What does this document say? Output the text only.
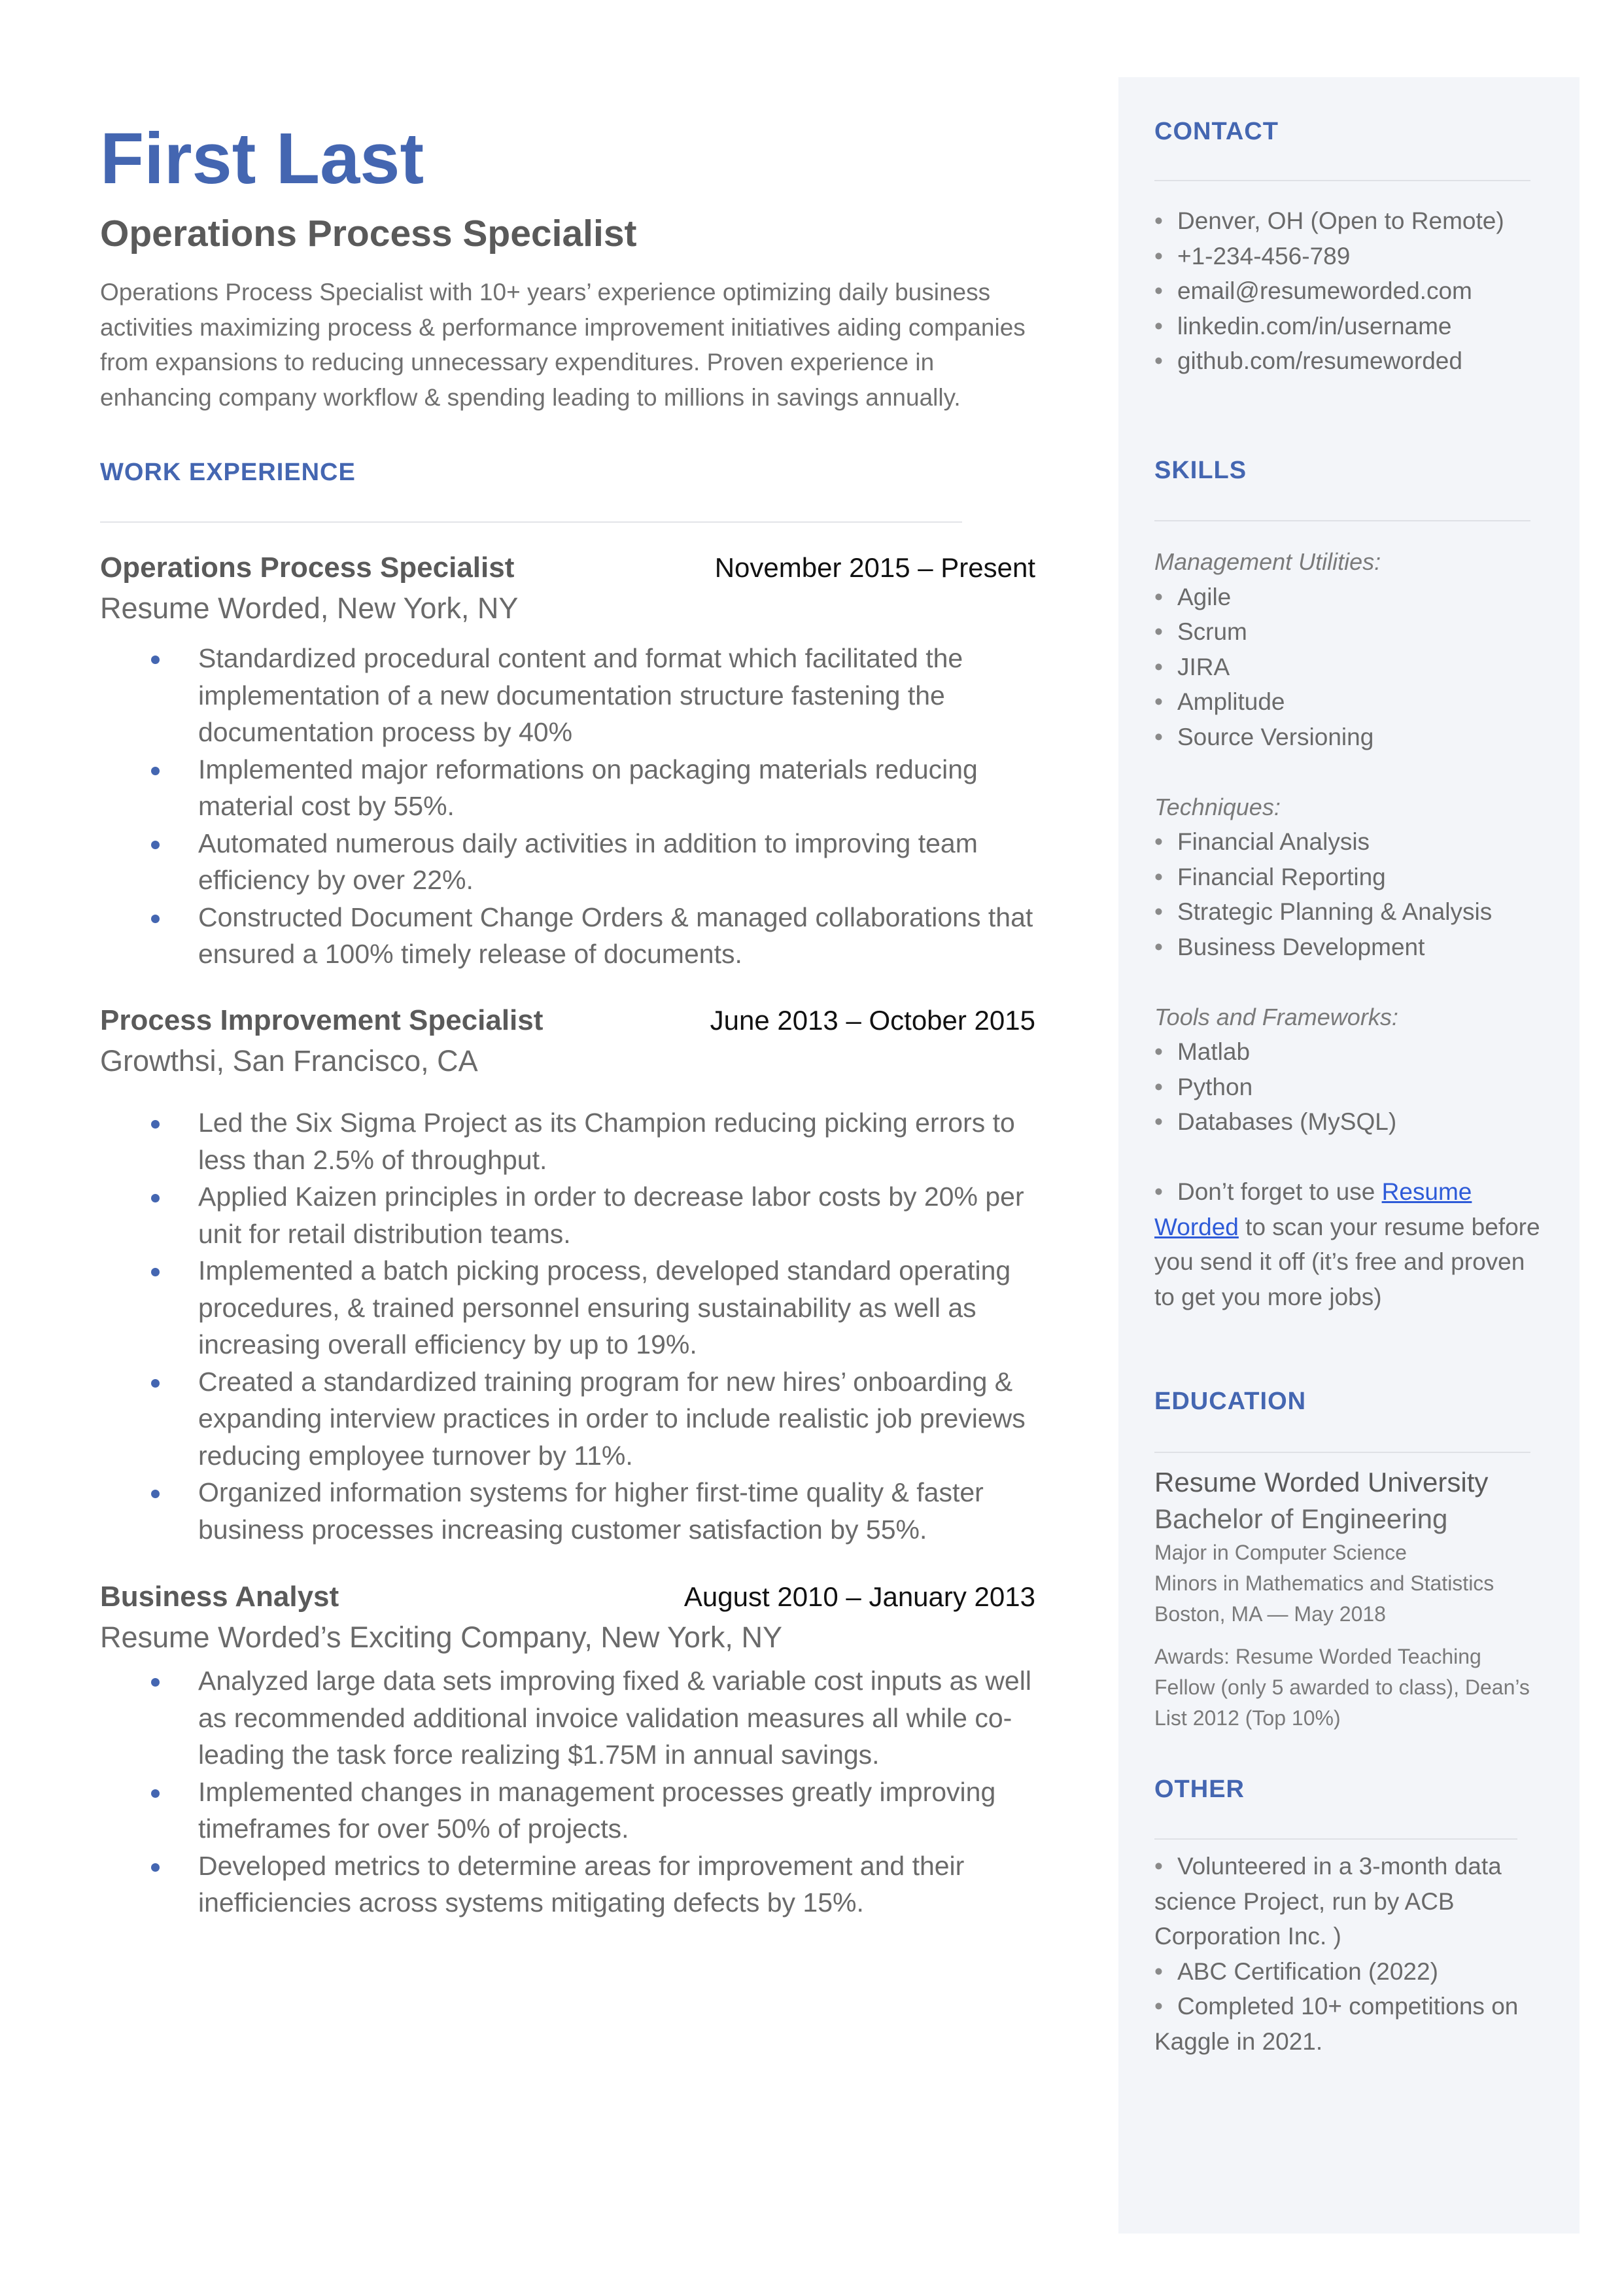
First Last
Operations Process Specialist

Operations Process Specialist with 10+ years’ experience optimizing daily business activities maximizing process & performance improvement initiatives aiding companies from expansions to reducing unnecessary expenditures. Proven experience in enhancing company workflow & spending leading to millions in savings annually.

WORK EXPERIENCE
Operations Process Specialist	November 2015 – Present
Resume Worded, New York, NY
Standardized procedural content and format which facilitated the implementation of a new documentation structure fastening the documentation process by 40%
Implemented major reformations on packaging materials reducing material cost by 55%.
Automated numerous daily activities in addition to improving team efficiency by over 22%.
Constructed Document Change Orders & managed collaborations that ensured a 100% timely release of documents.
Process Improvement Specialist	June 2013 – October 2015
Growthsi, San Francisco, CA
Led the Six Sigma Project as its Champion reducing picking errors to less than 2.5% of throughput.
Applied Kaizen principles in order to decrease labor costs by 20% per unit for retail distribution teams.
Implemented a batch picking process, developed standard operating procedures, & trained personnel ensuring sustainability as well as increasing overall efficiency by up to 19%.
Created a standardized training program for new hires’ onboarding & expanding interview practices in order to include realistic job previews reducing employee turnover by 11%.
Organized information systems for higher first-time quality & faster business processes increasing customer satisfaction by 55%.
Business Analyst	August 2010 – January 2013
Resume Worded’s Exciting Company, New York, NY
Analyzed large data sets improving fixed & variable cost inputs as well as recommended additional invoice validation measures all while co-leading the task force realizing $1.75M in annual savings.
Implemented changes in management processes greatly improving timeframes for over 50% of projects.
Developed metrics to determine areas for improvement and their inefficiencies across systems mitigating defects by 15%.
CONTACT
• Denver, OH (Open to Remote)
• +1-234-456-789
• email@resumeworded.com
• linkedin.com/in/username
• github.com/resumeworded
SKILLS

Management Utilities:

• Agile
• Scrum
• JIRA
• Amplitude
• Source Versioning

Techniques:

• Financial Analysis
• Financial Reporting
• Strategic Planning & Analysis
• Business Development

Tools and Frameworks:

• Matlab
• Python
• Databases (MySQL)

• Don’t forget to use Resume Worded to scan your resume before you send it off (it’s free and proven to get you more jobs)

EDUCATION

Resume Worded University

Bachelor of Engineering

Major in Computer Science

Minors in Mathematics and Statistics

Boston, MA — May 2018

Awards: Resume Worded Teaching Fellow (only 5 awarded to class), Dean’s List 2012 (Top 10%)

OTHER
• Volunteered in a 3-month data science Project, run by ACB Corporation Inc. )
• ABC Certification (2022)
• Completed 10+ competitions on Kaggle in 2021.
